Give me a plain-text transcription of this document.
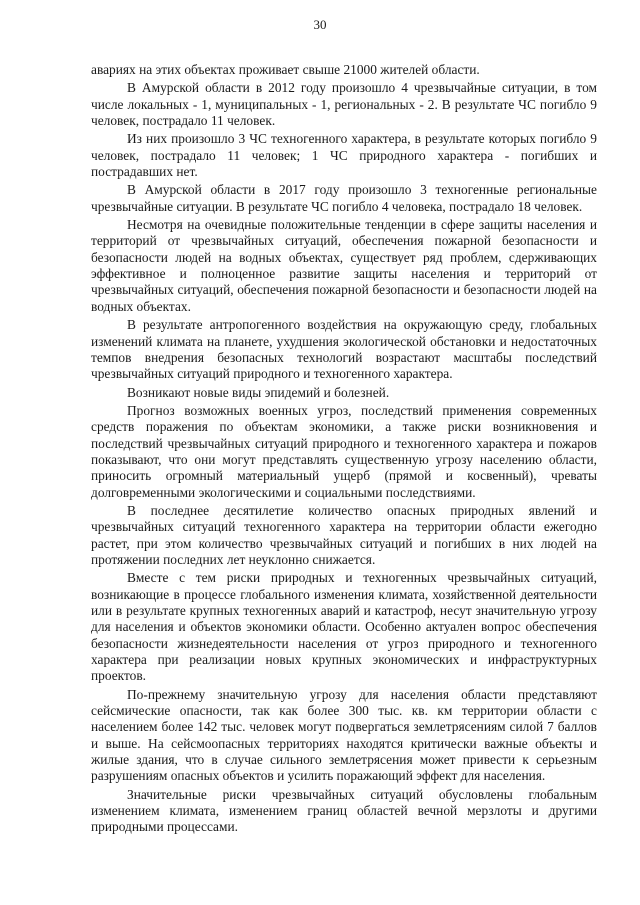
30

авариях на этих объектах проживает свыше 21000 жителей области.

В Амурской области в 2012 году произошло 4 чрезвычайные ситуации, в том числе локальных - 1, муниципальных - 1, региональных - 2. В результате ЧС погибло 9 человек, пострадало 11 человек.

Из них произошло 3 ЧС техногенного характера, в результате которых погибло 9 человек, пострадало 11 человек; 1 ЧС природного характера - погибших и пострадавших нет.

В Амурской области в 2017 году произошло 3 техногенные региональные чрезвычайные ситуации. В результате ЧС погибло 4 человека, пострадало 18 человек.

Несмотря на очевидные положительные тенденции в сфере защиты населения и территорий от чрезвычайных ситуаций, обеспечения пожарной безопасности и безопасности людей на водных объектах, существует ряд проблем, сдерживающих эффективное и полноценное развитие защиты населения и территорий от чрезвычайных ситуаций, обеспечения пожарной безопасности и безопасности людей на водных объектах.

В результате антропогенного воздействия на окружающую среду, глобальных изменений климата на планете, ухудшения экологической обстановки и недостаточных темпов внедрения безопасных технологий возрастают масштабы последствий чрезвычайных ситуаций природного и техногенного характера.

Возникают новые виды эпидемий и болезней.

Прогноз возможных военных угроз, последствий применения современных средств поражения по объектам экономики, а также риски возникновения и последствий чрезвычайных ситуаций природного и техногенного характера и пожаров показывают, что они могут представлять существенную угрозу населению области, приносить огромный материальный ущерб (прямой и косвенный), чреваты долговременными экологическими и социальными последствиями.

В последнее десятилетие количество опасных природных явлений и чрезвычайных ситуаций техногенного характера на территории области ежегодно растет, при этом количество чрезвычайных ситуаций и погибших в них людей на протяжении последних лет неуклонно снижается.

Вместе с тем риски природных и техногенных чрезвычайных ситуаций, возникающие в процессе глобального изменения климата, хозяйственной деятельности или в результате крупных техногенных аварий и катастроф, несут значительную угрозу для населения и объектов экономики области. Особенно актуален вопрос обеспечения безопасности жизнедеятельности населения от угроз природного и техногенного характера при реализации новых крупных экономических и инфраструктурных проектов.

По-прежнему значительную угрозу для населения области представляют сейсмические опасности, так как более 300 тыс. кв. км территории области с населением более 142 тыс. человек могут подвергаться землетрясениям силой 7 баллов и выше. На сейсмоопасных территориях находятся критически важные объекты и жилые здания, что в случае сильного землетрясения может привести к серьезным разрушениям опасных объектов и усилить поражающий эффект для населения.

Значительные риски чрезвычайных ситуаций обусловлены глобальным изменением климата, изменением границ областей вечной мерзлоты и другими природными процессами.
